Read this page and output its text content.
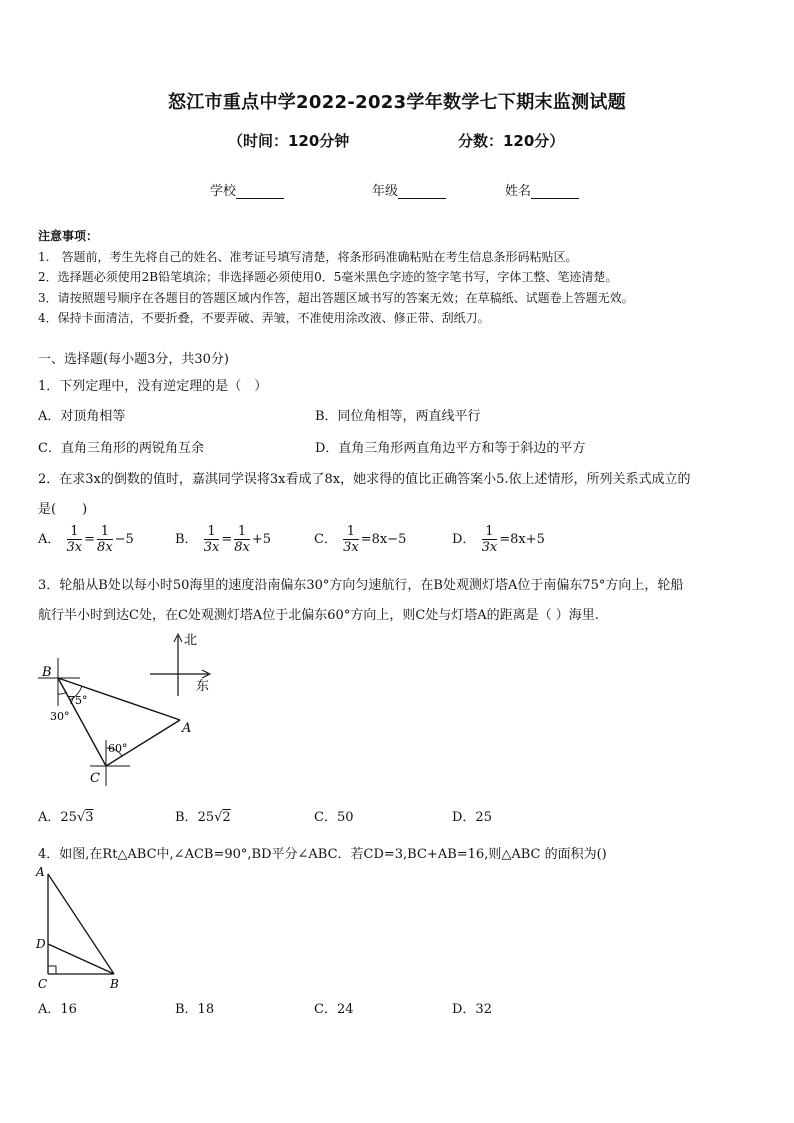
怒江市重点中学2022-2023学年数学七下期末监测试题
（时间：120分钟	分数：120分）
学校	年级	姓名
注意事项：
1.　答题前，考生先将自己的姓名、准考证号填写清楚，将条形码准确粘贴在考生信息条形码粘贴区。
2．选择题必须使用2B铅笔填涂；非选择题必须使用0．5毫米黑色字迹的签字笔书写，字体工整、笔迹清楚。
3．请按照题号顺序在各题目的答题区域内作答，超出答题区域书写的答案无效；在草稿纸、试题卷上答题无效。
4．保持卡面清洁，不要折叠，不要弄破、弄皱，不准使用涂改液、修正带、刮纸刀。
一、选择题(每小题3分，共30分)
1．下列定理中，没有逆定理的是（　）
A．对顶角相等	B．同位角相等，两直线平行
C．直角三角形的两锐角互余	D．直角三角形两直角边平方和等于斜边的平方
2．在求3x的倒数的值时，嘉淇同学误将3x看成了8x，她求得的值比正确答案小5.依上述情形，所列关系式成立的
是(　　)
A． $\frac{1}{3x} = \frac{1}{8x} -5$	B． $\frac{1}{3x} = \frac{1}{8x} +5$	C． $\frac{1}{3x} =8x-5$	D． $\frac{1}{3x} =8x+5$
3．轮船从B处以每小时50海里的速度沿南偏东30°方向匀速航行，在B处观测灯塔A位于南偏东75°方向上，轮船
航行半小时到达C处，在C处观测灯塔A位于北偏东60°方向上，则C处与灯塔A的距离是（ ）海里.
北
东
B
A
C
75°
30°
60°
A．25√3	B．25√2	C．50	D．25
4．如图,在Rt△ABC中,∠ACB=90°,BD平分∠ABC．若CD=3,BC+AB=16,则△ABC 的面积为()
A
D
C	B
A．16	B．18	C．24	D．32
